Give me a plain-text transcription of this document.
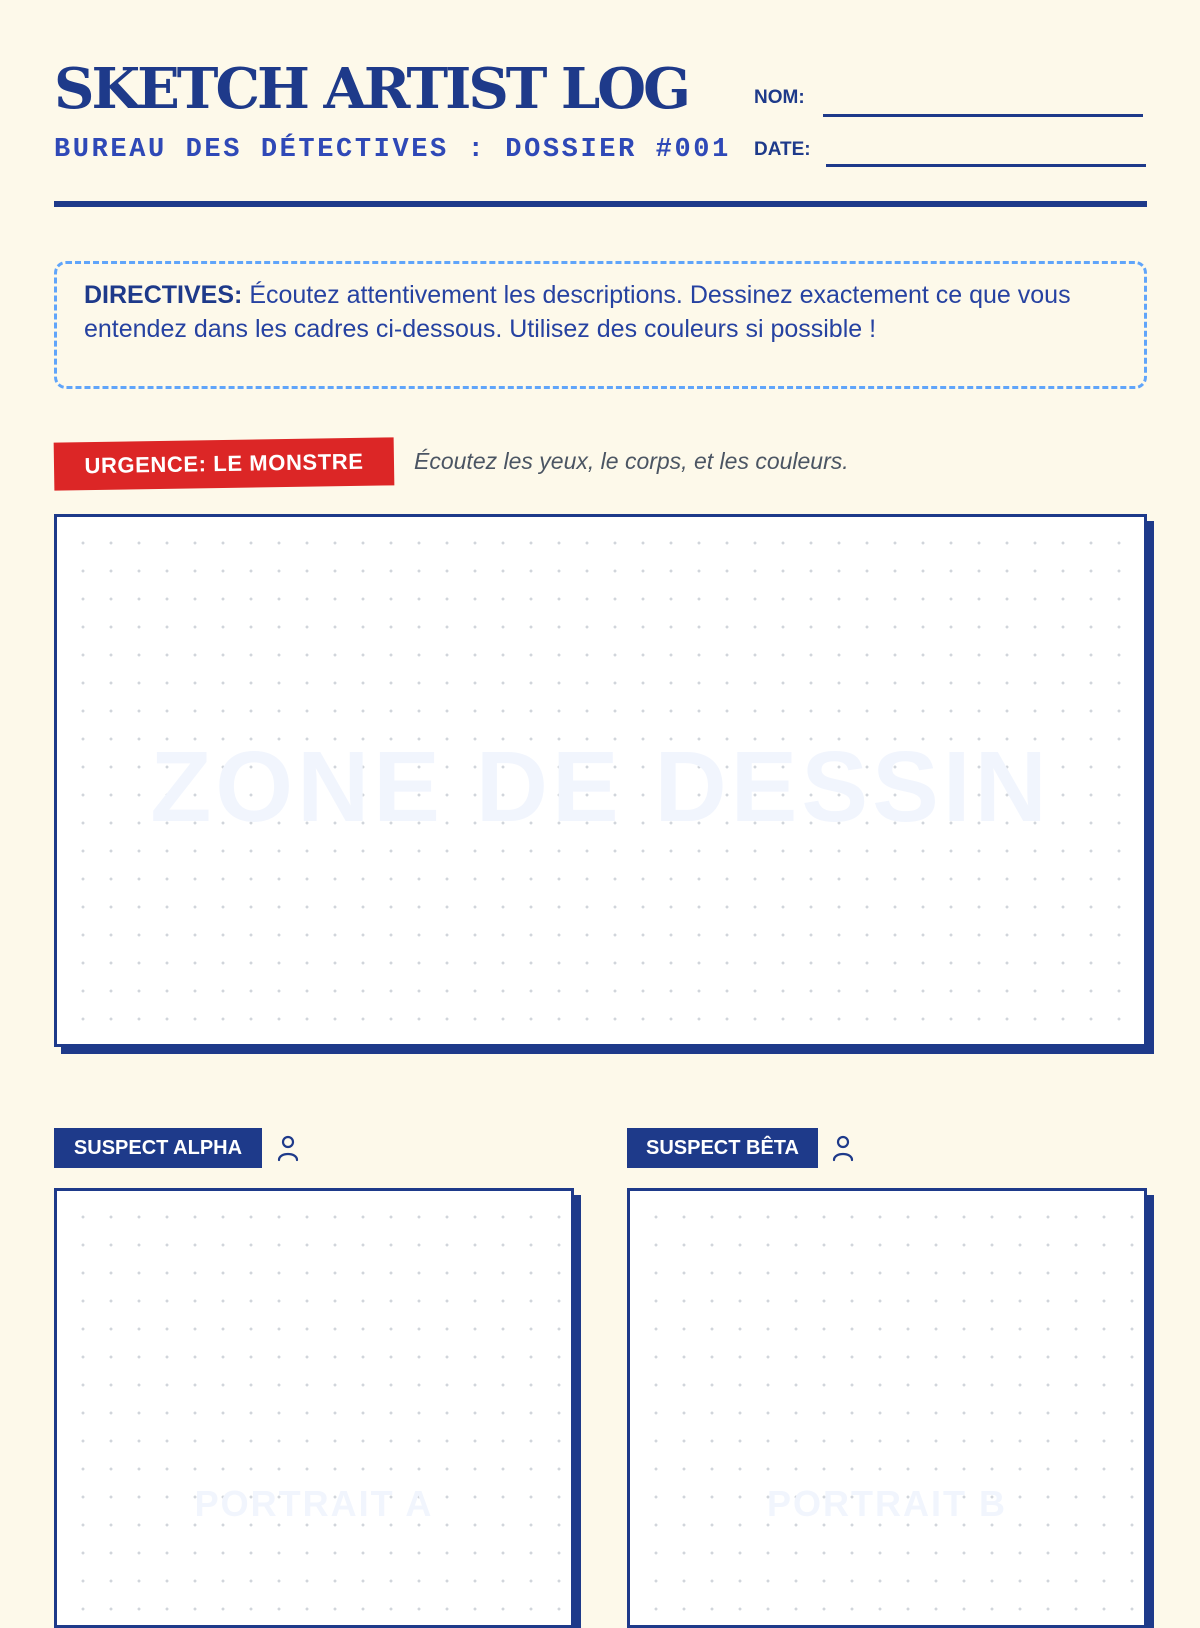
SKETCH ARTIST LOG
BUREAU DES DÉTECTIVES : DOSSIER #001
NOM:
DATE:
DIRECTIVES: Écoutez attentivement les descriptions. Dessinez exactement ce que vous entendez dans les cadres ci-dessous. Utilisez des couleurs si possible !
URGENCE: LE MONSTRE	Écoutez les yeux, le corps, et les couleurs.
ZONE DE DESSIN
SUSPECT ALPHA
PORTRAIT A
SUSPECT BÊTA
PORTRAIT B
